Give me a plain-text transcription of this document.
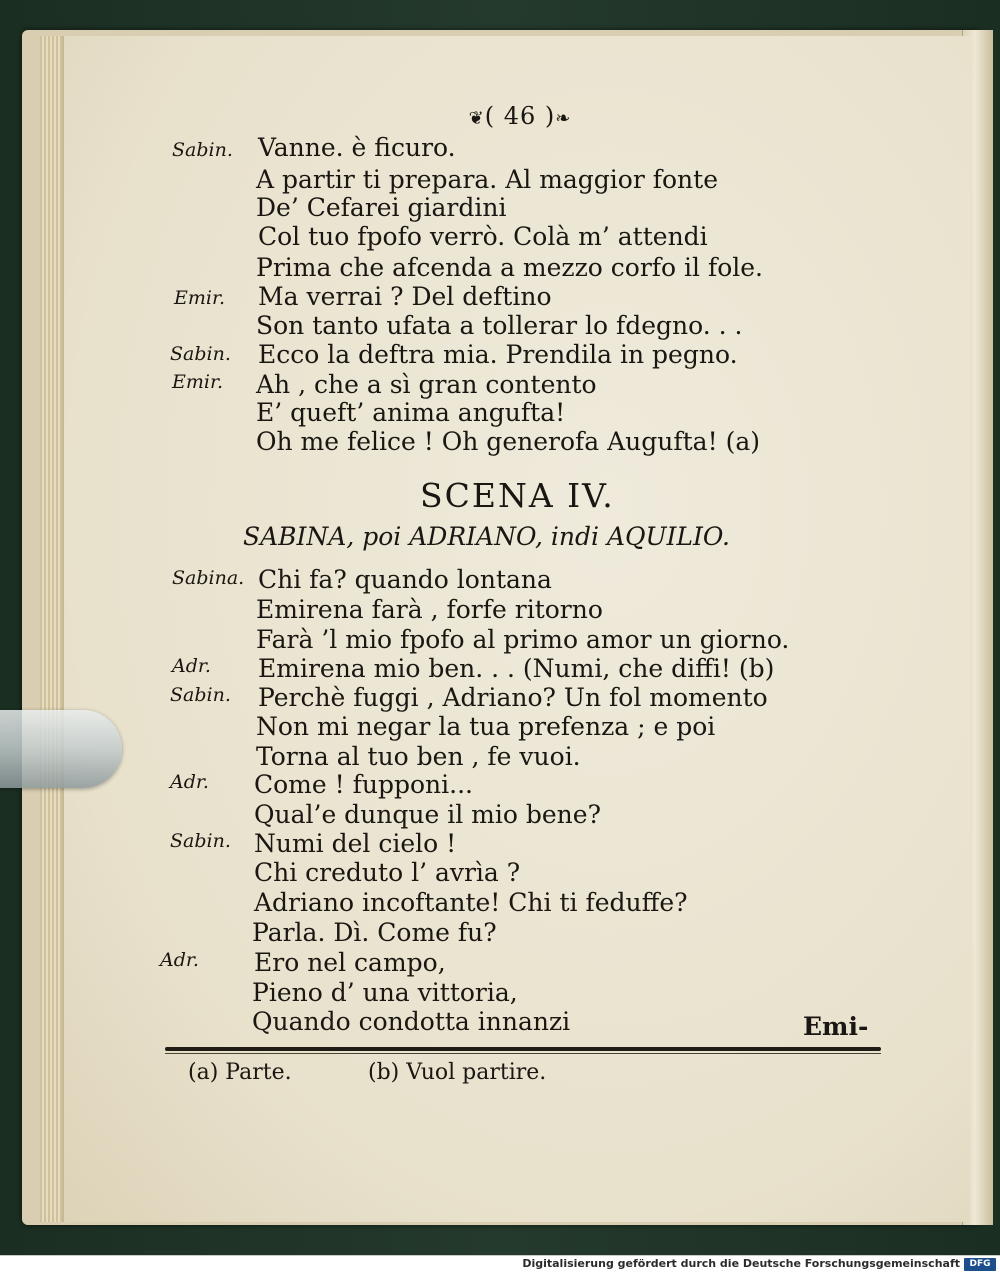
❦( 46 )❧
Sabin. Vanne. è ficuro.
A partir ti prepara. Al maggior fonte
De’ Cefarei giardini
Col tuo fpofo verrò. Colà m’ attendi
Prima che afcenda a mezzo corfo il fole.
Emir. Ma verrai ? Del deftino
Son tanto ufata a tollerar lo fdegno. . .
Sabin. Ecco la deftra mia. Prendila in pegno.
Emir. Ah , che a sì gran contento
E’ queft’ anima angufta!
Oh me felice ! Oh generofa Augufta! (a)
SCENA IV.
SABINA, poi ADRIANO, indi AQUILIO.
Sabina. Chi fa? quando lontana
Emirena farà , forfe ritorno
Farà ’l mio fpofo al primo amor un giorno.
Adr. Emirena mio ben. . . (Numi, che diffi! (b)
Sabin. Perchè fuggi , Adriano? Un fol momento
Non mi negar la tua prefenza ; e poi
Torna al tuo ben , fe vuoi.
Adr. Come ! fupponi...
Qual’e dunque il mio bene?
Sabin. Numi del cielo !
Chi creduto l’ avrìa ?
Adriano incoftante! Chi ti feduffe?
Parla. Dì. Come fu?
Adr. Ero nel campo,
Pieno d’ una vittoria,
Quando condotta innanzi	Emi-
(a) Parte.	(b) Vuol partire.
Digitalisierung gefördert durch die Deutsche Forschungsgemeinschaft	DFG
